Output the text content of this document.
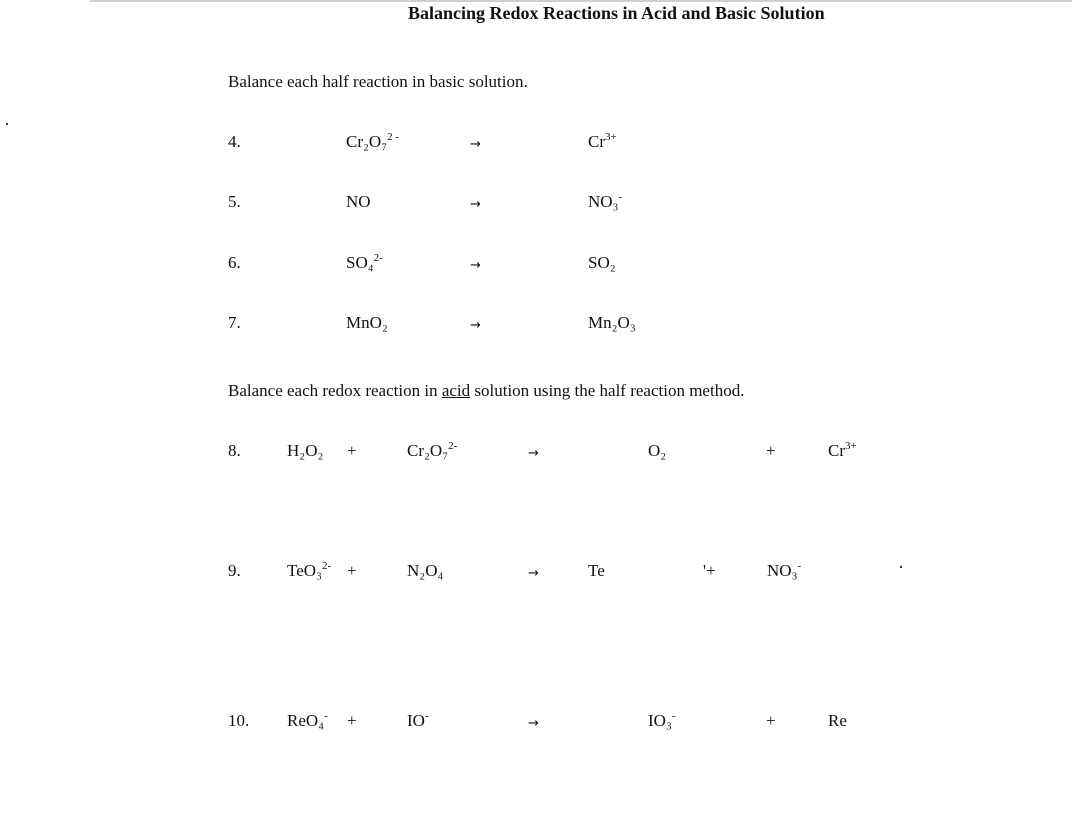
Balancing Redox Reactions in Acid and Basic Solution
Balance each half reaction in basic solution.
4.	Cr₂O₇$^{2 -}$	→	$Cr^{3+}$
5.	NO	→	NO₃-
6.	SO₄$^{2-}$	→	SO₂
7.	MnO₂	→	Mn₂O₃
Balance each redox reaction in acid solution using the half reaction method.
8.	H₂O₂ +	Cr₂O₇$^{2-}$	→	O₂	+	$Cr^{3+}$
9.	TeO₃$^{2-}$ +	N₂O₄	→	Te	'+	NO₃-
10. ReO₄- +	IO-	→	IO₃-	+	Re
